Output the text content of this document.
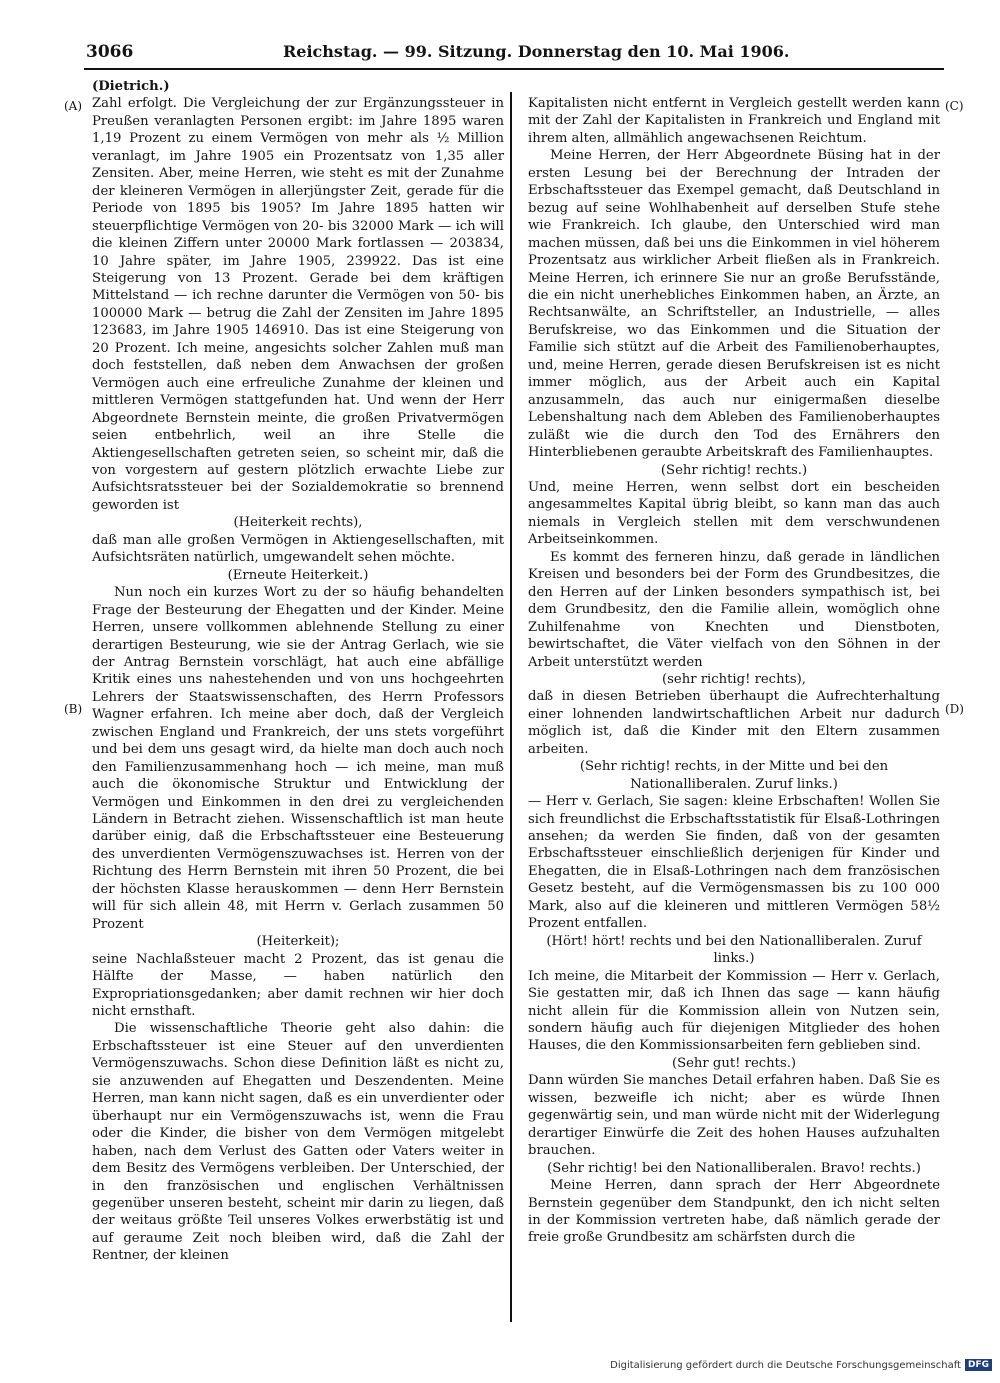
3066	Reichstag. — 99. Sitzung. Donnerstag den 10. Mai 1906.
(A)
(B)
(C)
(D)

(Dietrich.)

Zahl erfolgt. Die Vergleichung der zur Ergänzungssteuer in Preußen veranlagten Personen ergibt: im Jahre 1895 waren 1,19 Prozent zu einem Vermögen von mehr als ½ Million veranlagt, im Jahre 1905 ein Prozentsatz von 1,35 aller Zensiten. Aber, meine Herren, wie steht es mit der Zunahme der kleineren Vermögen in allerjüngster Zeit, gerade für die Periode von 1895 bis 1905? Im Jahre 1895 hatten wir steuerpflichtige Vermögen von 20- bis 32000 Mark — ich will die kleinen Ziffern unter 20000 Mark fortlassen — 203834, 10 Jahre später, im Jahre 1905, 239922. Das ist eine Steigerung von 13 Prozent. Gerade bei dem kräftigen Mittelstand — ich rechne darunter die Vermögen von 50- bis 100000 Mark — betrug die Zahl der Zensiten im Jahre 1895 123683, im Jahre 1905 146910. Das ist eine Steigerung von 20 Prozent. Ich meine, angesichts solcher Zahlen muß man doch feststellen, daß neben dem Anwachsen der großen Vermögen auch eine erfreuliche Zunahme der kleinen und mittleren Vermögen stattgefunden hat. Und wenn der Herr Abgeordnete Bernstein meinte, die großen Privatvermögen seien entbehrlich, weil an ihre Stelle die Aktiengesellschaften getreten seien, so scheint mir, daß die von vorgestern auf gestern plötzlich erwachte Liebe zur Aufsichtsratssteuer bei der Sozialdemokratie so brennend geworden ist

(Heiterkeit rechts),

daß man alle großen Vermögen in Aktiengesellschaften, mit Aufsichtsräten natürlich, umgewandelt sehen möchte.

(Erneute Heiterkeit.)

Nun noch ein kurzes Wort zu der so häufig behandelten Frage der Besteurung der Ehegatten und der Kinder. Meine Herren, unsere vollkommen ablehnende Stellung zu einer derartigen Besteurung, wie sie der Antrag Gerlach, wie sie der Antrag Bernstein vorschlägt, hat auch eine abfällige Kritik eines uns nahestehenden und von uns hochgeehrten Lehrers der Staatswissenschaften, des Herrn Professors Wagner erfahren. Ich meine aber doch, daß der Vergleich zwischen England und Frankreich, der uns stets vorgeführt und bei dem uns gesagt wird, da hielte man doch auch noch den Familienzusammenhang hoch — ich meine, man muß auch die ökonomische Struktur und Entwicklung der Vermögen und Einkommen in den drei zu vergleichenden Ländern in Betracht ziehen. Wissenschaftlich ist man heute darüber einig, daß die Erbschaftssteuer eine Besteuerung des unverdienten Vermögenszuwachses ist. Herren von der Richtung des Herrn Bernstein mit ihren 50 Prozent, die bei der höchsten Klasse herauskommen — denn Herr Bernstein will für sich allein 48, mit Herrn v. Gerlach zusammen 50 Prozent

(Heiterkeit);

seine Nachlaßsteuer macht 2 Prozent, das ist genau die Hälfte der Masse, — haben natürlich den Expropriationsgedanken; aber damit rechnen wir hier doch nicht ernsthaft.

Die wissenschaftliche Theorie geht also dahin: die Erbschaftssteuer ist eine Steuer auf den unverdienten Vermögenszuwachs. Schon diese Definition läßt es nicht zu, sie anzuwenden auf Ehegatten und Deszendenten. Meine Herren, man kann nicht sagen, daß es ein unverdienter oder überhaupt nur ein Vermögenszuwachs ist, wenn die Frau oder die Kinder, die bisher von dem Vermögen mitgelebt haben, nach dem Verlust des Gatten oder Vaters weiter in dem Besitz des Vermögens verbleiben. Der Unterschied, der in den französischen und englischen Verhältnissen gegenüber unseren besteht, scheint mir darin zu liegen, daß der weitaus größte Teil unseres Volkes erwerbstätig ist und auf geraume Zeit noch bleiben wird, daß die Zahl der Rentner, der kleinen

Kapitalisten nicht entfernt in Vergleich gestellt werden kann mit der Zahl der Kapitalisten in Frankreich und England mit ihrem alten, allmählich angewachsenen Reichtum.

Meine Herren, der Herr Abgeordnete Büsing hat in der ersten Lesung bei der Berechnung der Intraden der Erbschaftssteuer das Exempel gemacht, daß Deutschland in bezug auf seine Wohlhabenheit auf derselben Stufe stehe wie Frankreich. Ich glaube, den Unterschied wird man machen müssen, daß bei uns die Einkommen in viel höherem Prozentsatz aus wirklicher Arbeit fließen als in Frankreich. Meine Herren, ich erinnere Sie nur an große Berufsstände, die ein nicht unerhebliches Einkommen haben, an Ärzte, an Rechtsanwälte, an Schriftsteller, an Industrielle, — alles Berufskreise, wo das Einkommen und die Situation der Familie sich stützt auf die Arbeit des Familienoberhauptes, und, meine Herren, gerade diesen Berufskreisen ist es nicht immer möglich, aus der Arbeit auch ein Kapital anzusammeln, das auch nur einigermaßen dieselbe Lebenshaltung nach dem Ableben des Familienoberhauptes zuläßt wie die durch den Tod des Ernährers den Hinterbliebenen geraubte Arbeitskraft des Familienhauptes.

(Sehr richtig! rechts.)

Und, meine Herren, wenn selbst dort ein bescheiden angesammeltes Kapital übrig bleibt, so kann man das auch niemals in Vergleich stellen mit dem verschwundenen Arbeitseinkommen.

Es kommt des ferneren hinzu, daß gerade in ländlichen Kreisen und besonders bei der Form des Grundbesitzes, die den Herren auf der Linken besonders sympathisch ist, bei dem Grundbesitz, den die Familie allein, womöglich ohne Zuhilfenahme von Knechten und Dienstboten, bewirtschaftet, die Väter vielfach von den Söhnen in der Arbeit unterstützt werden

(sehr richtig! rechts),

daß in diesen Betrieben überhaupt die Aufrechterhaltung einer lohnenden landwirtschaftlichen Arbeit nur dadurch möglich ist, daß die Kinder mit den Eltern zusammen arbeiten.

(Sehr richtig! rechts, in der Mitte und bei den Nationalliberalen. Zuruf links.)

— Herr v. Gerlach, Sie sagen: kleine Erbschaften! Wollen Sie sich freundlichst die Erbschaftsstatistik für Elsaß-Lothringen ansehen; da werden Sie finden, daß von der gesamten Erbschaftssteuer einschließlich derjenigen für Kinder und Ehegatten, die in Elsaß-Lothringen nach dem französischen Gesetz besteht, auf die Vermögensmassen bis zu 100 000 Mark, also auf die kleineren und mittleren Vermögen 58½ Prozent entfallen.

(Hört! hört! rechts und bei den Nationalliberalen. Zuruf links.)

Ich meine, die Mitarbeit der Kommission — Herr v. Gerlach, Sie gestatten mir, daß ich Ihnen das sage — kann häufig nicht allein für die Kommission allein von Nutzen sein, sondern häufig auch für diejenigen Mitglieder des hohen Hauses, die den Kommissionsarbeiten fern geblieben sind.

(Sehr gut! rechts.)

Dann würden Sie manches Detail erfahren haben. Daß Sie es wissen, bezweifle ich nicht; aber es würde Ihnen gegenwärtig sein, und man würde nicht mit der Widerlegung derartiger Einwürfe die Zeit des hohen Hauses aufzuhalten brauchen.

(Sehr richtig! bei den Nationalliberalen. Bravo! rechts.)

Meine Herren, dann sprach der Herr Abgeordnete Bernstein gegenüber dem Standpunkt, den ich nicht selten in der Kommission vertreten habe, daß nämlich gerade der freie große Grundbesitz am schärfsten durch die

Digitalisierung gefördert durch die Deutsche Forschungsgemeinschaft DFG
